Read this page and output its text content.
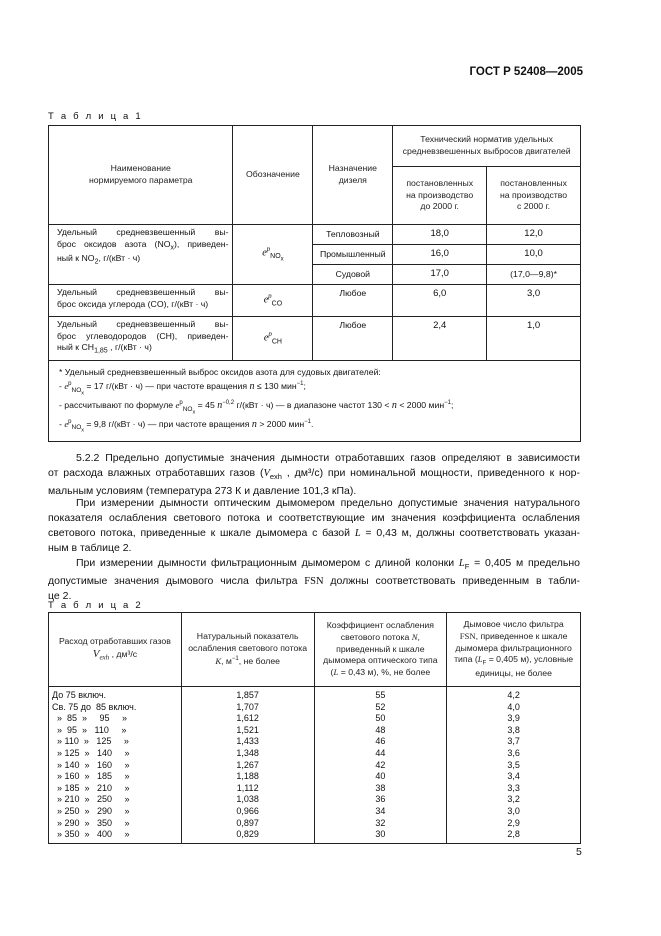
ГОСТ Р 52408—2005
Т а б л и ц а 1
Наименование
нормируемого параметра	Обозначение	Назначение
дизеля	Технический норматив удельных
средневзвешенных выбросов двигателей	
			постановленных
на производство
до 2000 г.	постановленных
на производство
с 2000 г.

Удельный средневзвешенный вы-
брос оксидов азота $(NO_x)$, приведен-
ный к $NO_2$, г/(кВт · ч)	$e^p_{NO_x}$	Тепловозный	18,0	12,0
		Промышленный	16,0	10,0
		Судовой	17,0	(17,0—9,8)*

Удельный средневзвешенный вы-
брос оксида углерода (CO), г/(кВт · ч)	$e^p_{CO}$	Любое	6,0	3,0

Удельный средневзвешенный вы-
брос углеводородов (CH), приведен-
ный к $CH_{1,85}$ , г/(кВт · ч)	$e^p_{CH}$	Любое	2,4	1,0

* Удельный средневзвешенный выброс оксидов азота для судовых двигателей:
- $e^p_{NO_x} = 17$ г/(кВт · ч) — при частоте вращения n ≤ 130 мин$^{-1}$;
- рассчитывают по формуле $e^p_{NO_x} = 45$ $n^{-0,2}$ г/(кВт · ч) — в диапазоне частот 130 < n < 2000 мин$^{-1}$;
- $e^p_{NO_x} = 9,8$ г/(кВт · ч) — при частоте вращения n > 2000 мин$^{-1}$.				
5.2.2 Предельно допустимые значения дымности отработавших газов определяют в зависимости
от расхода влажных отработавших газов ($V_{exh}$ , дм³/с) при номинальной мощности, приведенного к нор-
мальным условиям (температура 273 К и давление 101,3 кПа).
При измерении дымности оптическим дымомером предельно допустимые значения натурального
показателя ослабления светового потока и соответствующие им значения коэффициента ослабления
светового потока, приведенные к шкале дымомера с базой L = 0,43 м, должны соответствовать указан-
ным в таблице 2.
При измерении дымности фильтрационным дымомером с длиной колонки $L_F = 0,405$ м предельно
допустимые значения дымового числа фильтра FSN должны соответствовать приведенным в табли-
це 2.
Т а б л и ц а 2
Расход отработавших газов
$V_{exh}$ , дм³/с	Натуральный показатель
ослабления светового потока
K, $м^{-1}$, не более	Коэффициент ослабления
светового потока N,
приведенный к шкале
дымомера оптического типа
(L = 0,43 м), %, не более	Дымовое число фильтра
FSN, приведенное к шкале
дымомера фильтрационного
типа ($L_F = 0,405$ м), условные
единицы, не более
До 75 включ.	1,857	55	4,2
Св. 75 до  85 включ.	1,707	52	4,0
»  85  »     95     »	1,612	50	3,9
»  95  »   110     »	1,521	48	3,8
» 110  »   125     »	1,433	46	3,7
» 125  »   140     »	1,348	44	3,6
» 140  »   160     »	1,267	42	3,5
» 160  »   185     »	1,188	40	3,4
» 185  »   210     »	1,112	38	3,3
» 210  »   250     »	1,038	36	3,2
» 250  »   290     »	0,966	34	3,0
» 290  »   350     »	0,897	32	2,9
» 350  »   400     »	0,829	30	2,8
5
